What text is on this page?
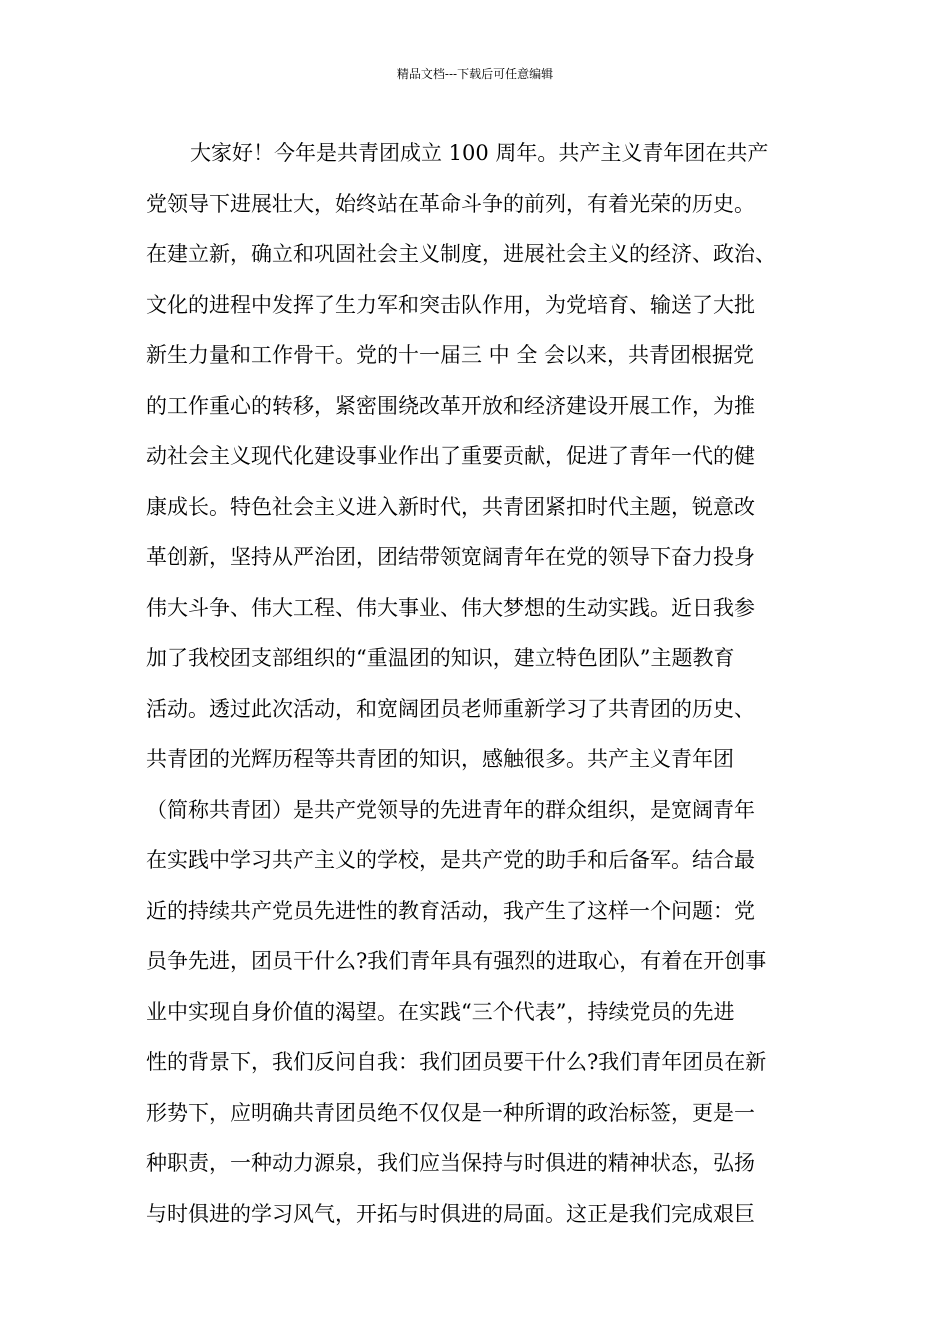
精品文档---下载后可任意编辑
大家好！今年是共青团成立 100 周年。共产主义青年团在共产
党领导下进展壮大，始终站在革命斗争的前列，有着光荣的历史。
在建立新，确立和巩固社会主义制度，进展社会主义的经济、政治、
文化的进程中发挥了生力军和突击队作用，为党培育、输送了大批
新生力量和工作骨干。党的十一届三 中 全 会以来，共青团根据党
的工作重心的转移，紧密围绕改革开放和经济建设开展工作，为推
动社会主义现代化建设事业作出了重要贡献，促进了青年一代的健
康成长。特色社会主义进入新时代，共青团紧扣时代主题，锐意改
革创新，坚持从严治团，团结带领宽阔青年在党的领导下奋力投身
伟大斗争、伟大工程、伟大事业、伟大梦想的生动实践。近日我参
加了我校团支部组织的“重温团的知识，建立特色团队”主题教育
活动。透过此次活动，和宽阔团员老师重新学习了共青团的历史、
共青团的光辉历程等共青团的知识，感触很多。共产主义青年团
（简称共青团）是共产党领导的先进青年的群众组织，是宽阔青年
在实践中学习共产主义的学校，是共产党的助手和后备军。结合最
近的持续共产党员先进性的教育活动，我产生了这样一个问题：党
员争先进，团员干什么?我们青年具有强烈的进取心，有着在开创事
业中实现自身价值的渴望。在实践“三个代表”，持续党员的先进
性的背景下，我们反问自我：我们团员要干什么?我们青年团员在新
形势下，应明确共青团员绝不仅仅是一种所谓的政治标签，更是一
种职责，一种动力源泉，我们应当保持与时俱进的精神状态，弘扬
与时俱进的学习风气，开拓与时俱进的局面。这正是我们完成艰巨
